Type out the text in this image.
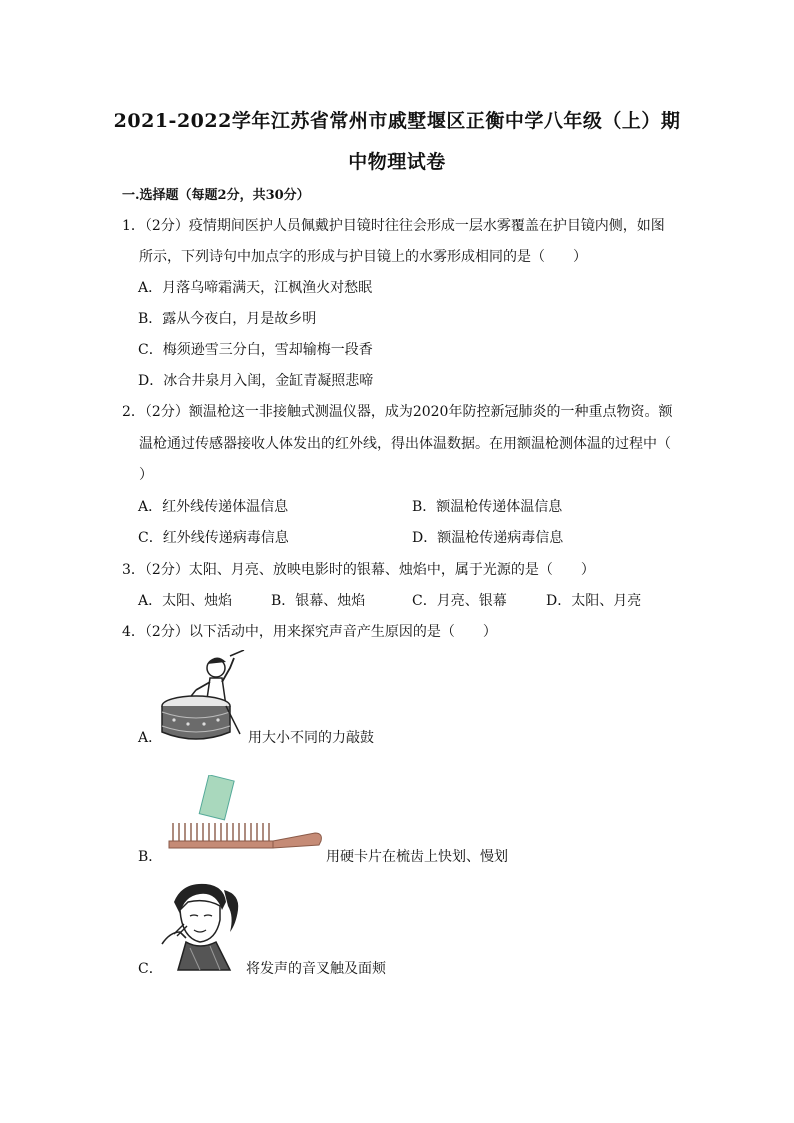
2021-2022学年江苏省常州市戚墅堰区正衡中学八年级（上）期
中物理试卷
一.选择题（每题2分，共30分）
1．（2分）疫情期间医护人员佩戴护目镜时往往会形成一层水雾覆盖在护目镜内侧，如图
所示，下列诗句中加点字的形成与护目镜上的水雾形成相同的是（　　）
A．月落乌啼霜满天，江枫渔火对愁眠
B．露从今夜白，月是故乡明
C．梅须逊雪三分白，雪却输梅一段香
D．冰合井泉月入闺，金缸青凝照悲啼
2．（2分）额温枪这一非接触式测温仪器，成为2020年防控新冠肺炎的一种重点物资。额
温枪通过传感器接收人体发出的红外线，得出体温数据。在用额温枪测体温的过程中（
）
A．红外线传递体温信息	B．额温枪传递体温信息
C．红外线传递病毒信息	D．额温枪传递病毒信息
3．（2分）太阳、月亮、放映电影时的银幕、烛焰中，属于光源的是（　　）
A．太阳、烛焰	B．银幕、烛焰	C．月亮、银幕	D．太阳、月亮
4．（2分）以下活动中，用来探究声音产生原因的是（　　）
A．	用大小不同的力敲鼓
B．	用硬卡片在梳齿上快划、慢划
C．	将发声的音叉触及面颊
